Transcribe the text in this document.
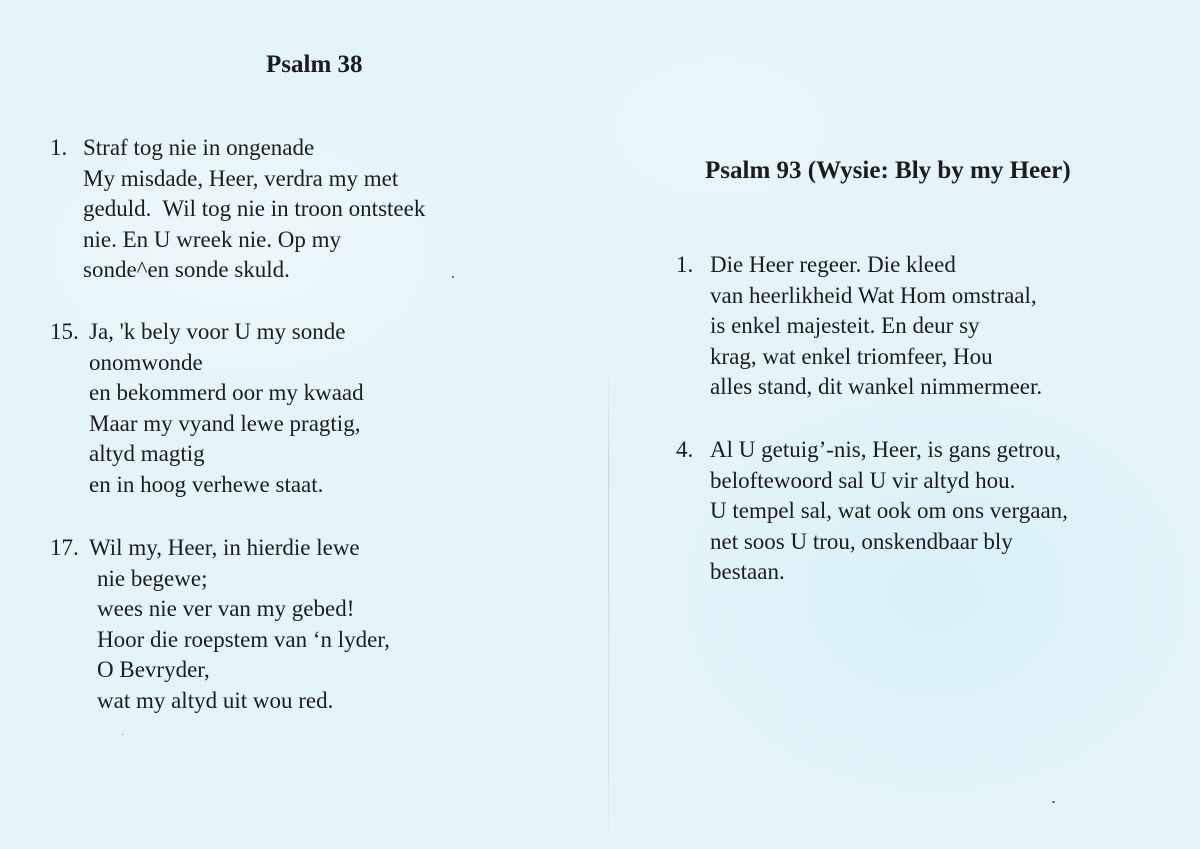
Psalm 38
1. Straf tog nie in ongenade
My misdade, Heer, verdra my met
geduld.  Wil tog nie in troon ontsteek
nie. En U wreek nie. Op my
sonde^en sonde skuld.
15. Ja, 'k bely voor U my sonde
onomwonde
en bekommerd oor my kwaad
Maar my vyand lewe pragtig,
altyd magtig
en in hoog verhewe staat.
17. Wil my, Heer, in hierdie lewe
nie begewe;
wees nie ver van my gebed!
Hoor die roepstem van ‘n lyder,
O Bevryder,
wat my altyd uit wou red.
Psalm 93 (Wysie: Bly by my Heer)
1. Die Heer regeer. Die kleed
van heerlikheid Wat Hom omstraal,
is enkel majesteit. En deur sy
krag, wat enkel triomfeer, Hou
alles stand, dit wankel nimmermeer.
4. Al U getuig’-nis, Heer, is gans getrou,
beloftewoord sal U vir altyd hou.
U tempel sal, wat ook om ons vergaan,
net soos U trou, onskendbaar bly
bestaan.
